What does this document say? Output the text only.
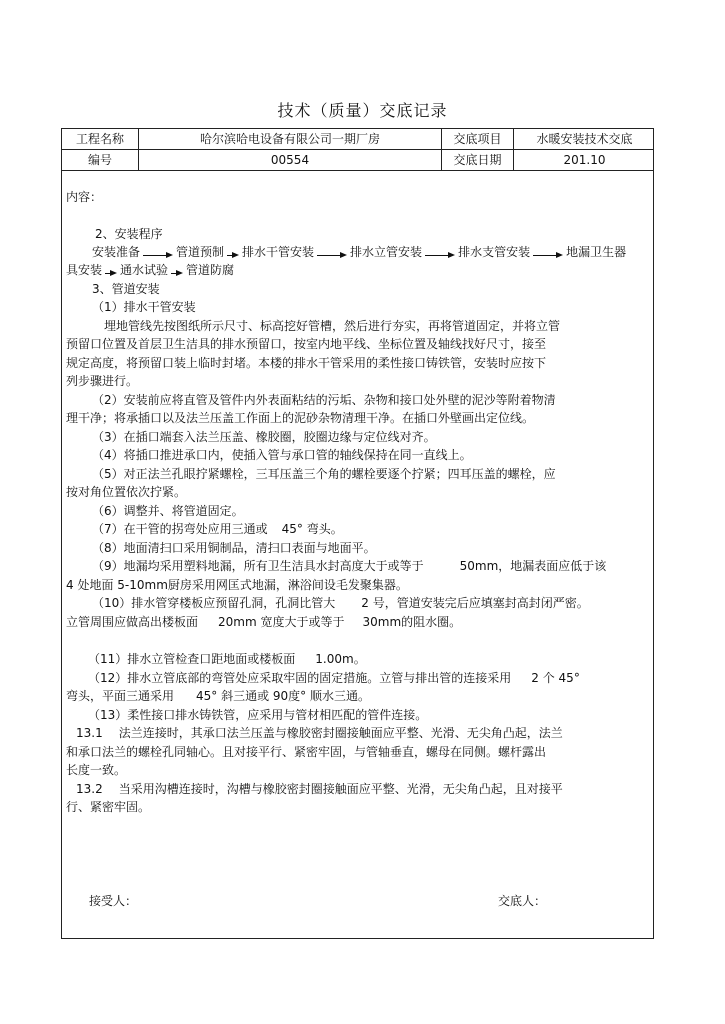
技术（质量）交底记录
工程名称	哈尔滨哈电设备有限公司一期厂房	交底项目	水暖安装技术交底
编号	00554	交底日期	201.10
内容：
2、安装程序
安装准备	管道预制 排水干管安装	排水立管安装	排水支管安装	地漏卫生器
具安装 通水试验 管道防腐
3、管道安装
（1）排水干管安装
埋地管线先按图纸所示尺寸、标高挖好管槽，然后进行夯实，再将管道固定，并将立管
预留口位置及首层卫生洁具的排水预留口，按室内地平线、坐标位置及轴线找好尺寸，接至
规定高度，将预留口装上临时封堵。本楼的排水干管采用的柔性接口铸铁管，安装时应按下
列步骤进行。
（2）安装前应将直管及管件内外表面粘结的污垢、杂物和接口处外壁的泥沙等附着物清
理干净；将承插口以及法兰压盖工作面上的泥砂杂物清理干净。在插口外壁画出定位线。
（3）在插口端套入法兰压盖、橡胶圈，胶圈边缘与定位线对齐。
（4）将插口推进承口内，使插入管与承口管的轴线保持在同一直线上。
（5）对正法兰孔眼拧紧螺栓，三耳压盖三个角的螺栓要逐个拧紧；四耳压盖的螺栓，应
按对角位置依次拧紧。
（6）调整并、将管道固定。
（7）在干管的拐弯处应用三通或 45° 弯头。
（8）地面清扫口采用铜制品，清扫口表面与地面平。
（9）地漏均采用塑料地漏，所有卫生洁具水封高度大于或等于	50mm，地漏表面应低于该
4 处地面 5-10mm厨房采用网匡式地漏，淋浴间设毛发聚集器。
（10）排水管穿楼板应预留孔洞，孔洞比管大 2 号，管道安装完后应填塞封高封闭严密。
立管周围应做高出楼板面 20mm 宽度大于或等于 30mm的阻水圈。
（11）排水立管检查口距地面或楼板面 1.00m。
（12）排水立管底部的弯管处应采取牢固的固定措施。立管与排出管的连接采用 2 个 45°
弯头，平面三通采用 45° 斜三通或 90度° 顺水三通。
（13）柔性接口排水铸铁管，应采用与管材相匹配的管件连接。
13.1 法兰连接时，其承口法兰压盖与橡胶密封圈接触面应平整、光滑、无尖角凸起，法兰
和承口法兰的螺栓孔同轴心。且对接平行、紧密牢固，与管轴垂直，螺母在同侧。螺杆露出
长度一致。
13.2 当采用沟槽连接时，沟槽与橡胶密封圈接触面应平整、光滑，无尖角凸起，且对接平
行、紧密牢固。
接受人：	交底人：
